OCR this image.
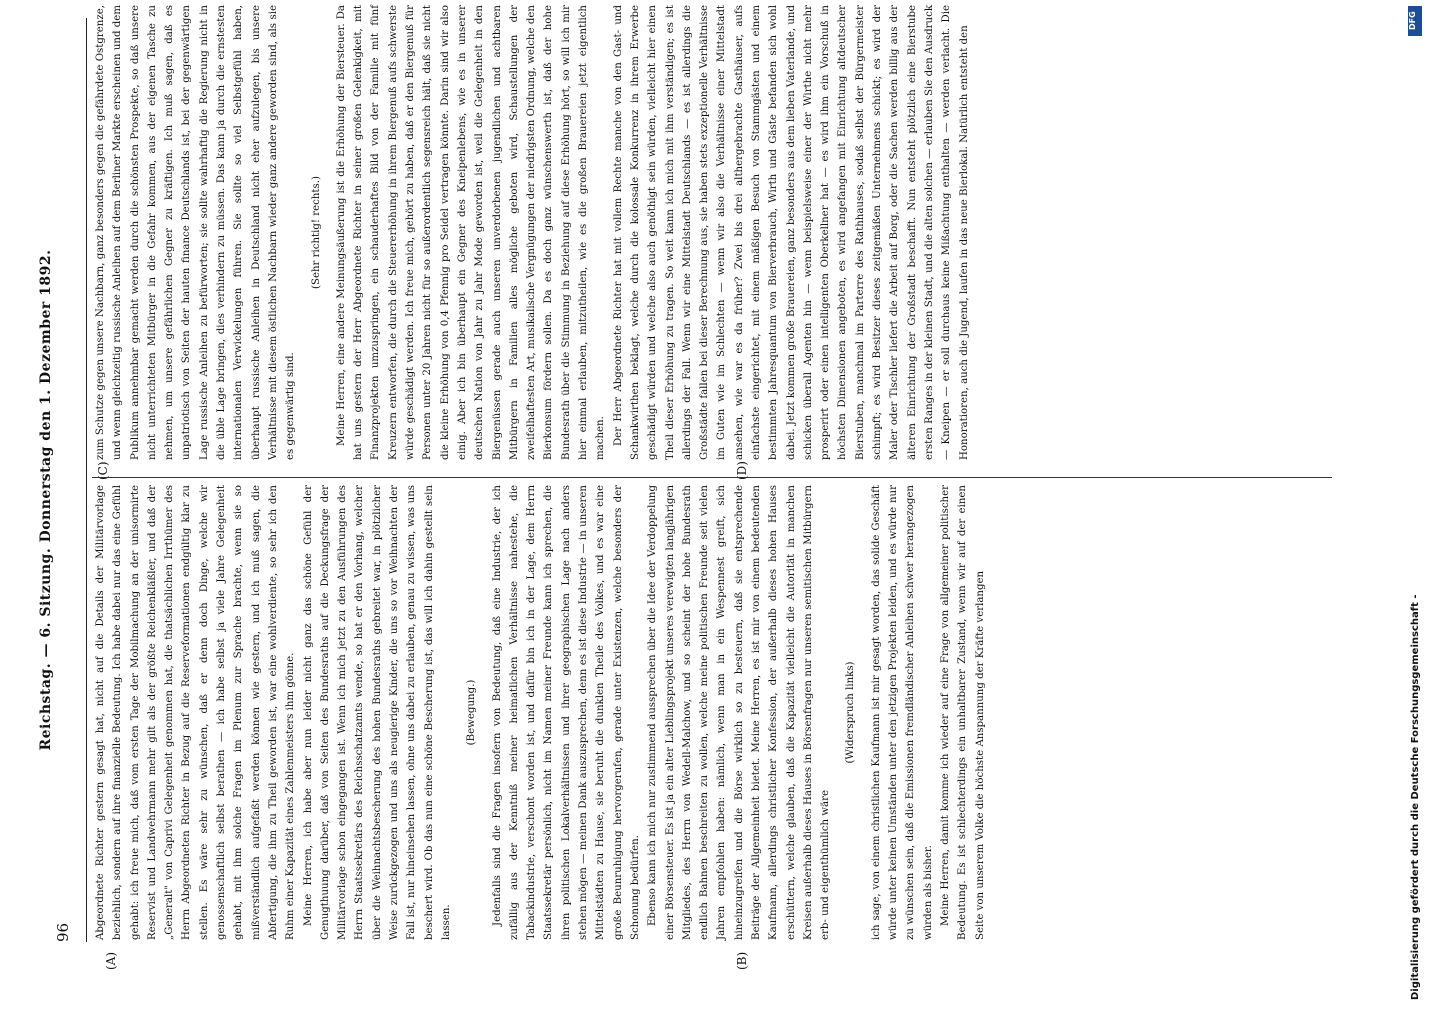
96
Reichstag. — 6. Sitzung. Donnerstag den 1. Dezember 1892.
(A)	(B)
(C)	(D)

Abgeordnete Richter gestern gesagt hat, nicht auf die Details der Militärvorlage beziehlich, sondern auf ihre finanzielle Bedeutung. Ich habe dabei nur das eine Gefühl gehabt: ich freue mich, daß vom ersten Tage der Mobilmachung an der unisormirte Reservist und Landwehrmann mehr gilt als der größte Reichenkläßler, und daß der „Generalt" von Caprivi Gelegenheit genommen hat, die thatsächlichen Irrthümer des Herrn Abgeordneten Richter in Bezug auf die Reserveformationen endgültig klar zu stellen. Es wäre sehr zu wünschen, daß er denn doch Dinge, welche wir genossenschaftlich selbst berathen — ich habe selbst ja viele Jahre Gelegenheit gehabt, mit ihm solche Fragen im Plenum zur Sprache brachte, wenn sie so mißverständlich aufgefaßt werden können wie gestern, und ich muß sagen, die Abfertigung, die ihm zu Theil geworden ist, war eine wohlverdiente, so sehr ich den Ruhm einer Kapazität eines Zahlenmeisters ihm gönne. Meine Herren, ich habe aber nun leider nicht ganz das schöne Gefühl der Genugthuung darüber, daß von Seiten des Bundesraths auf die Deckungsfrage der Militärvorlage schon eingegangen ist. Wenn ich mich jetzt zu den Ausführungen des Herrn Staatssekretärs des Reichsschatzamts wende, so hat er den Vorhang, welcher über die Weihnachtsbescherung des hohen Bundesraths gebreitet war, in plötzlicher Weise zurückgezogen und uns als neugierige Kinder, die uns so vor Weihnachten der Fall ist, nur hineinsehen lassen, ohne uns dabei zu erlauben, genau zu wissen, was uns beschert wird. Ob das nun eine schöne Bescherung ist, das will ich dahin gestellt sein lassen.

(Bewegung.)	Jedenfalls sind die Fragen insofern von Bedeutung, daß eine Industrie, der ich zufällig aus der Kenntniß meiner heimatlichen Verhältnisse nahestehe, die Tabackindustrie, verschont worden ist, und dafür bin ich in der Lage, dem Herrn Staatssekretär persönlich, nicht im Namen meiner Freunde kann ich sprechen, die ihren politischen Lokalverhältnissen und ihrer geographischen Lage nach anders stehen mögen — meinen Dank auszusprechen, denn es ist diese Industrie — in unseren Mittelstädten zu Hause, sie beruht die dunklen Theile des Volkes, und es war eine große Beunruhigung hervorgerufen, gerade unter Existenzen, welche besonders der Schonung bedürfen. Ebenso kann ich mich nur zustimmend aussprechen über die Idee der Verdoppelung einer Börsensteuer. Es ist ja ein alter Lieblingsprojekt unseres verewigten langjährigen Mitgliedes, des Herrn von Wedell-Malchow, und so scheint der hohe Bundesrath endlich Bahnen beschreiten zu wollen, welche meine politischen Freunde seit vielen Jahren empfohlen haben: nämlich, wenn man in ein Wespennest greift, sich hineinzugreifen und die Börse wirklich so zu besteuern, daß sie entsprechende Beiträge der Allgemeinheit bietet. Meine Herren, es ist mir von einem bedeutenden Kaufmann, allerdings christlicher Konfession, der außerhalb dieses hohen Hauses erschüttern, welche glauben, daß die Kapazität vielleicht die Autorität in manchen Kreisen außerhalb dieses Hauses in Börsenfragen nur unseren semitischen Mitbürgern erb- und eigenthümlich wäre

(Widerspruch links)	ich sage, von einem christlichen Kaufmann ist mir gesagt worden, das solide Geschäft würde unter keinen Umständen unter den jetzigen Projekten leiden, und es würde nur zu wünschen sein, daß die Emissionen fremdländischer Anleihen schwer herangezogen würden als bisher. Meine Herren, damit komme ich wieder auf eine Frage von allgemeiner politischer Bedeutung. Es ist schlechterdings ein unhaltbarer Zustand, wenn wir auf der einen Seite von unserem Volke die höchste Anspannung der Kräfte verlangen

zum Schutze gegen unsere Nachbarn, ganz besonders gegen die gefährdete Ostgrenze, und wenn gleichzeitig russische Anleihen auf dem Berliner Markte erscheinen und dem Publikum annehmbar gemacht werden durch die schönsten Prospekte, so daß unsere nicht unterrichteten Mitbürger in die Gefahr kommen, aus der eigenen Tasche zu nehmen, um unsere gefährlichen Gegner zu kräftigen. Ich muß sagen, daß es unpatriotisch von Seiten der hauten finance Deutschlands ist, bei der gegenwärtigen Lage russische Anleihen zu befürworten; sie sollte wahrhaftig die Regierung nicht in die üble Lage bringen, dies verhindern zu müssen. Das kann ja durch die ernstesten internationalen Verwickelungen führen. Sie sollte so viel Selbstgefühl haben, überhaupt russische Anleihen in Deutschland nicht eher aufzulegen, bis unsere Verhältnisse mit diesem östlichen Nachbarn wieder ganz andere geworden sind, als sie es gegenwärtig sind.

(Sehr richtig! rechts.)	Meine Herren, eine andere Meinungsäußerung ist die Erhöhung der Biersteuer. Da hat uns gestern der Herr Abgeordnete Richter in seiner großen Gelenkigkeit, mit Finanzprojekten umzuspringen, ein schauderhaftes Bild von der Familie mit fünf Kreuzern entworfen, die durch die Steuererhöhung in ihrem Biergenuß aufs schwerste würde geschädigt werden. Ich freue mich, gehört zu haben, daß er den Biergenuß für Personen unter 20 Jahren nicht für so außerordentlich segensreich hält, daß sie nicht die kleine Erhöhung von 0,4 Pfennig pro Seidel vertragen könnte. Darin sind wir also einig. Aber ich bin überhaupt ein Gegner des Kneipenlebens, wie es in unserer deutschen Nation von Jahr zu Jahr Mode geworden ist, weil die Gelegenheit in den Biergenüssen gerade auch unseren unverdorbenen jugendlichen und achtbaren Mitbürgern in Familien alles mögliche geboten wird, Schaustellungen der zweifelhaftesten Art, musikalische Vergnügungen der niedrigsten Ordnung, welche den Bierkonsum fördern sollen. Da es doch ganz wünschenswerth ist, daß der hohe Bundesrath über die Stimmung in Beziehung auf diese Erhöhung hört, so will ich mir hier einmal erlauben, mitzutheilen, wie es die großen Brauereien jetzt eigentlich machen. Der Herr Abgeordnete Richter hat mit vollem Rechte manche von den Gast- und Schankwirthen beklagt, welche durch die kolossale Konkurrenz in ihrem Erwerbe geschädigt würden und welche also auch genöthigt sein würden, vielleicht hier einen Theil dieser Erhöhung zu tragen. So weit kann ich mich mit ihm verständigen; es ist allerdings der Fall. Wenn wir eine Mittelstadt Deutschlands — es ist allerdings die Großstädte fallen bei dieser Berechnung aus, sie haben stets exzeptionelle Verhältnisse im Guten wie im Schlechten — wenn wir also die Verhältnisse einer Mittelstadt ansehen, wie war es da früher? Zwei bis drei althergebrachte Gasthäuser, aufs einfachste eingerichtet, mit einem mäßigen Besuch von Stammgästen und einem bestimmten Jahresquantum von Bierverbrauch, Wirth und Gäste befanden sich wohl dabei. Jetzt kommen große Brauereien, ganz besonders aus dem lieben Vaterlande, und schicken überall Agenten hin — wenn beispielsweise einer der Wirthe nicht mehr prosperirt oder einen intelligenten Oberkellner hat — es wird ihm ein Vorschuß in höchsten Dimensionen angeboten, es wird angefangen mit Einrichtung altdeutscher Bierstuben, manchmal im Parterre des Rathhauses, sodaß selbst der Bürgermeister schimpft; es wird Besitzer dieses zeitgemäßen Unternehmens schickt; es wird der Maler oder Tischler liefert die Arbeit auf Borg, oder die Sachen werden billig aus der älteren Einrichtung der Großstadt beschafft. Nun entsteht plötzlich eine Bierstube ersten Ranges in der kleinen Stadt, und die alten solchen — erlauben Sie den Ausdruck — Kneipen — er soll durchaus keine Mißachtung enthalten — werden verlacht. Die Honoratioren, auch die Jugend, laufen in das neue Bierlokal. Natürlich entsteht den

DFG
Digitalisierung gefördert durch die Deutsche Forschungsgemeinschaft -
